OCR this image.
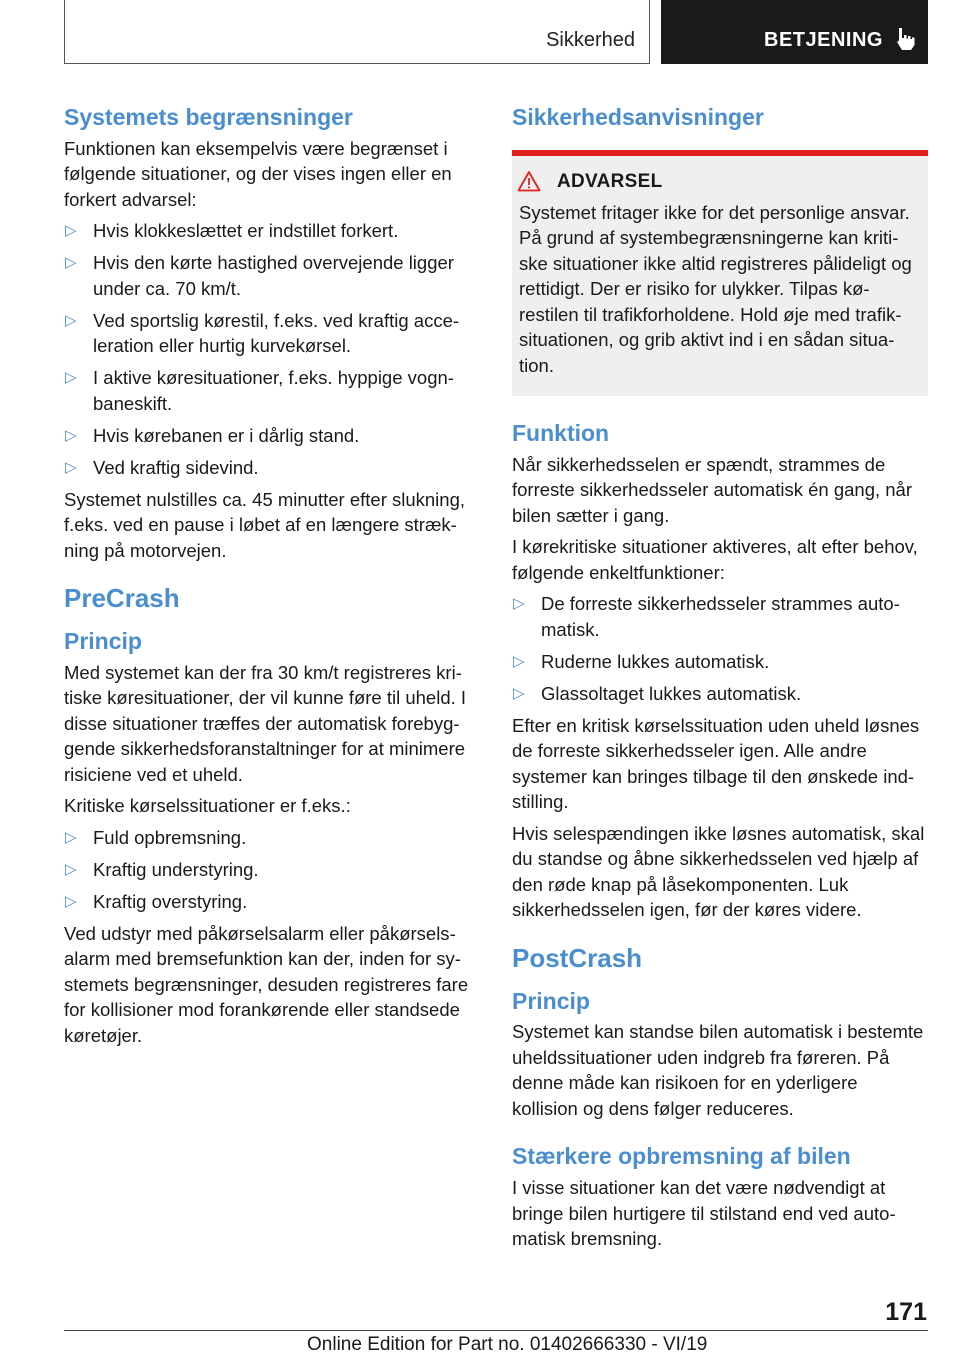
Sikkerhed	BETJENING
Systemets begrænsninger

Funktionen kan eksempelvis være begrænset i følgende situationer, og der vises ingen eller en forkert advarsel:

▷ Hvis klokkeslættet er indstillet forkert.
▷ Hvis den kørte hastighed overvejende ligger under ca. 70 km/t.
▷ Ved sportslig kørestil, f.eks. ved kraftig acceleration eller hurtig kurvekørsel.
▷ I aktive køresituationer, f.eks. hyppige vognbaneskift.
▷ Hvis kørebanen er i dårlig stand.
▷ Ved kraftig sidevind.

Systemet nulstilles ca. 45 minutter efter slukning, f.eks. ved en pause i løbet af en længere strækning på motorvejen.

PreCrash
Princip

Med systemet kan der fra 30 km/t registreres kritiske køresituationer, der vil kunne føre til uheld. I disse situationer træffes der automatisk forebyggende sikkerhedsforanstaltninger for at minimere risiciene ved et uheld.

Kritiske kørselssituationer er f.eks.:

▷ Fuld opbremsning.
▷ Kraftig understyring.
▷ Kraftig overstyring.

Ved udstyr med påkørselsalarm eller påkørselsalarm med bremsefunktion kan der, inden for systemets begrænsninger, desuden registreres fare for kollisioner mod forankørende eller standsede køretøjer.

Sikkerhedsanvisninger
ADVARSEL

Systemet fritager ikke for det personlige ansvar. På grund af systembegrænsningerne kan kritiske situationer ikke altid registreres pålideligt og rettidigt. Der er risiko for ulykker. Tilpas kørestilen til trafikforholdene. Hold øje med trafiksituationen, og grib aktivt ind i en sådan situation.

Funktion

Når sikkerhedsselen er spændt, strammes de forreste sikkerhedsseler automatisk én gang, når bilen sætter i gang.

I kørekritiske situationer aktiveres, alt efter behov, følgende enkeltfunktioner:

▷ De forreste sikkerhedsseler strammes automatisk.
▷ Ruderne lukkes automatisk.
▷ Glassoltaget lukkes automatisk.

Efter en kritisk kørselssituation uden uheld løsnes de forreste sikkerhedsseler igen. Alle andre systemer kan bringes tilbage til den ønskede indstilling.

Hvis selespændingen ikke løsnes automatisk, skal du standse og åbne sikkerhedsselen ved hjælp af den røde knap på låsekomponenten. Luk sikkerhedsselen igen, før der køres videre.

PostCrash
Princip

Systemet kan standse bilen automatisk i bestemte uheldssituationer uden indgreb fra føreren. På denne måde kan risikoen for en yderligere kollision og dens følger reduceres.

Stærkere opbremsning af bilen

I visse situationer kan det være nødvendigt at bringe bilen hurtigere til stilstand end ved automatisk bremsning.

171
Online Edition for Part no. 01402666330 - VI/19
